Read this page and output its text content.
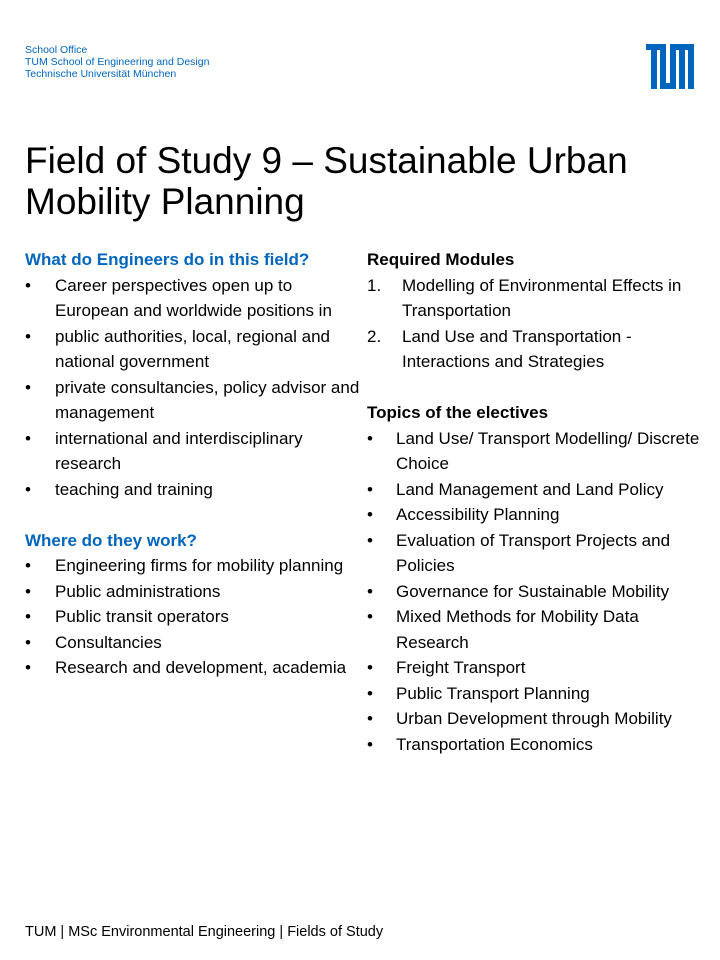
School Office
TUM School of Engineering and Design
Technische Universität München
Field of Study 9 – Sustainable Urban Mobility Planning

What do Engineers do in this field?

• Career perspectives open up to European and worldwide positions in
• public authorities, local, regional and national government
• private consultancies, policy advisor and management
• international and interdisciplinary research
• teaching and training

Where do they work?

• Engineering firms for mobility planning
• Public administrations
• Public transit operators
• Consultancies
• Research and development, academia

Required Modules

1. Modelling of Environmental Effects in Transportation
2. Land Use and Transportation - Interactions and Strategies

Topics of the electives

• Land Use/ Transport Modelling/ Discrete Choice
• Land Management and Land Policy
• Accessibility Planning
• Evaluation of Transport Projects and Policies
• Governance for Sustainable Mobility
• Mixed Methods for Mobility Data Research
• Freight Transport
• Public Transport Planning
• Urban Development through Mobility
• Transportation Economics
TUM | MSc Environmental Engineering | Fields of Study
